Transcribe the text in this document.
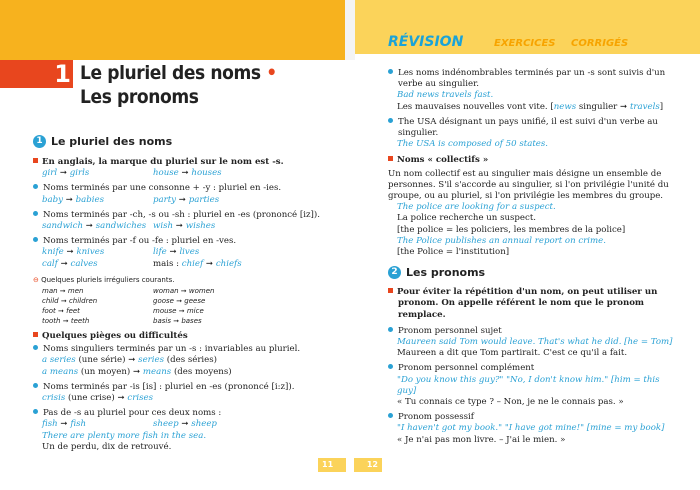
RÉVISION	EXERCICES CORRIGÉS
1 Le pluriel des noms •
Les pronoms
1 Le pluriel des noms
En anglais, la marque du pluriel sur le nom est -s.
girl ➞ girls	house ➞ houses
Noms terminés par une consonne + -y : pluriel en -ies.
baby ➞ babies	party ➞ parties
Noms terminés par -ch, -s ou -sh : pluriel en -es (prononcé [iz]).
sandwich ➞ sandwiches wish ➞ wishes
Noms terminés par -f ou -fe : pluriel en -ves.
knife ➞ knives	life ➞ lives
calf ➞ calves	mais : chief ➞ chiefs
⊖ Quelques pluriels irréguliers courants.
man ➞ men	woman ➞ women
child ➞ children	goose ➞ geese
foot ➞ feet	mouse ➞ mice
tooth ➞ teeth	basis ➞ bases
Quelques pièges ou difficultés
Noms singuliers terminés par un -s : invariables au pluriel.
a series (une série) ➞ series (des séries)
a means (un moyen) ➞ means (des moyens)
Noms terminés par -is [is] : pluriel en -es (prononcé [i:z]).
crisis (une crise) ➞ crises
Pas de -s au pluriel pour ces deux noms :
fish ➞ fish	sheep ➞ sheep
There are plenty more fish in the sea.
Un de perdu, dix de retrouvé.
Les noms indénombrables terminés par un -s sont suivis d'un verbe au singulier.
Bad news travels fast.
Les mauvaises nouvelles vont vite. [news singulier ➞ travels]
The USA désignant un pays unifié, il est suivi d'un verbe au singulier.
The USA is composed of 50 states.
Noms « collectifs »
Un nom collectif est au singulier mais désigne un ensemble de personnes. S'il s'accorde au singulier, si l'on privilégie l'unité du groupe, ou au pluriel, si l'on privilégie les membres du groupe.
The police are looking for a suspect.
La police recherche un suspect.
[the police = les policiers, les membres de la police]
The Police publishes an annual report on crime.
[the Police = l'institution]
2 Les pronoms
Pour éviter la répétition d'un nom, on peut utiliser un pronom. On appelle référent le nom que le pronom remplace.
Pronom personnel sujet
Maureen said Tom would leave. That's what he did. [he = Tom]
Maureen a dit que Tom partirait. C'est ce qu'il a fait.
Pronom personnel complément
"Do you know this guy?" "No, I don't know him." [him = this guy]
« Tu connais ce type ? – Non, je ne le connais pas. »
Pronom possessif
"I haven't got my book." "I have got mine!" [mine = my book]
« Je n'ai pas mon livre. – J'ai le mien. »
11	12
